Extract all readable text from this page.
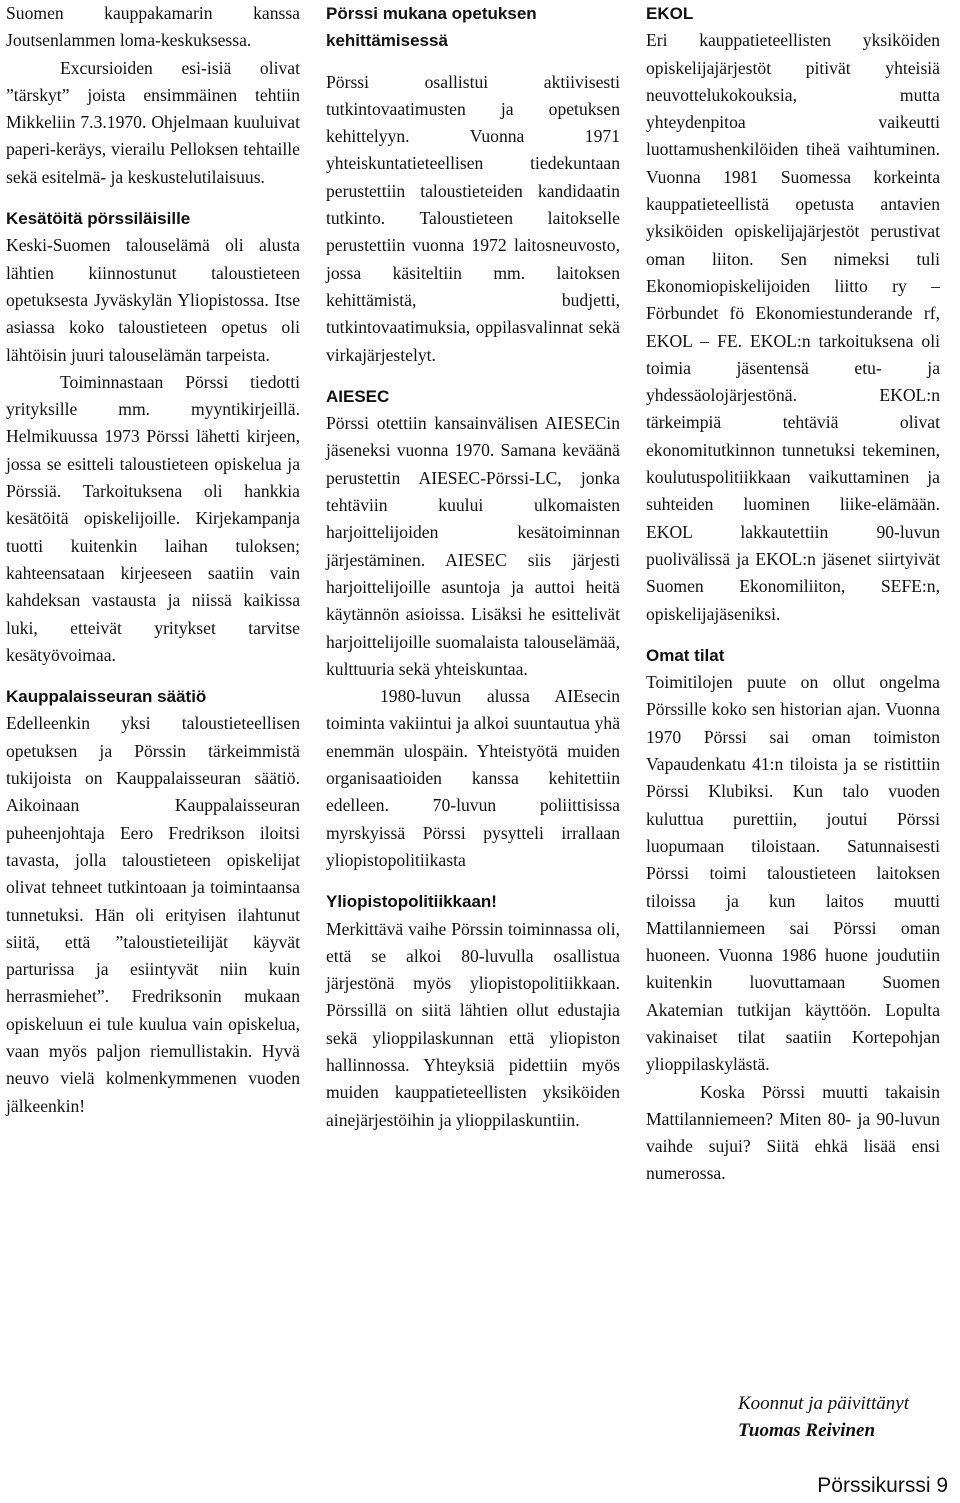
Suomen kauppakamarin kanssa Joutsenlammen loma-keskuksessa.

Excursioiden esi-isiä olivat ”tärskyt” joista ensimmäinen tehtiin Mikkeliin 7.3.1970. Ohjelmaan kuuluivat paperi-keräys, vierailu Pelloksen tehtaille sekä esitelmä- ja keskustelutilaisuus.

Kesätöitä pörssiläisille

Keski-Suomen talouselämä oli alusta lähtien kiinnostunut taloustieteen opetuksesta Jyväskylän Yliopistossa. Itse asiassa koko taloustieteen opetus oli lähtöisin juuri talouselämän tarpeista.

Toiminnastaan Pörssi tiedotti yrityksille mm. myyntikirjeillä. Helmikuussa 1973 Pörssi lähetti kirjeen, jossa se esitteli taloustieteen opiskelua ja Pörssiä. Tarkoituksena oli hankkia kesätöitä opiskelijoille. Kirjekampanja tuotti kuitenkin laihan tuloksen; kahteensataan kirjeeseen saatiin vain kahdeksan vastausta ja niissä kaikissa luki, etteivät yritykset tarvitse kesätyövoimaa.

Kauppalaisseuran säätiö

Edelleenkin yksi taloustieteellisen opetuksen ja Pörssin tärkeimmistä tukijoista on Kauppalaisseuran säätiö. Aikoinaan Kauppalaisseuran puheenjohtaja Eero Fredrikson iloitsi tavasta, jolla taloustieteen opiskelijat olivat tehneet tutkintoaan ja toimintaansa tunnetuksi. Hän oli erityisen ilahtunut siitä, että ”taloustieteilijät käyvät parturissa ja esiintyvät niin kuin herrasmiehet”. Fredriksonin mukaan opiskeluun ei tule kuulua vain opiskelua, vaan myös paljon riemullistakin. Hyvä neuvo vielä kolmenkymmenen vuoden jälkeenkin!

Pörssi mukana opetuksen kehittämisessä

Pörssi osallistui aktiivisesti tutkintovaatimusten ja opetuksen kehittelyyn. Vuonna 1971 yhteiskuntatieteellisen tiedekuntaan perustettiin taloustieteiden kandidaatin tutkinto. Taloustieteen laitokselle perustettiin vuonna 1972 laitosneuvosto, jossa käsiteltiin mm. laitoksen kehittämistä, budjetti, tutkintovaatimuksia, oppilasvalinnat sekä virkajärjestelyt.

AIESEC

Pörssi otettiin kansainvälisen AIESECin jäseneksi vuonna 1970. Samana keväänä perustettin AIESEC-Pörssi-LC, jonka tehtäviin kuului ulkomaisten harjoittelijoiden kesätoiminnan järjestäminen. AIESEC siis järjesti harjoittelijoille asuntoja ja auttoi heitä käytännön asioissa. Lisäksi he esittelivät harjoittelijoille suomalaista talouselämää, kulttuuria sekä yhteiskuntaa.

1980-luvun alussa AIEsecin toiminta vakiintui ja alkoi suuntautua yhä enemmän ulospäin. Yhteistyötä muiden organisaatioiden kanssa kehitettiin edelleen. 70-luvun poliittisissa myrskyissä Pörssi pysytteli irrallaan yliopistopolitiikasta

Yliopistopolitiikkaan!

Merkittävä vaihe Pörssin toiminnassa oli, että se alkoi 80-luvulla osallistua järjestönä myös yliopistopolitiikkaan. Pörssillä on siitä lähtien ollut edustajia sekä ylioppilaskunnan että yliopiston hallinnossa. Yhteyksiä pidettiin myös muiden kauppatieteellisten yksiköiden ainejärjestöihin ja ylioppilaskuntiin.

EKOL

Eri kauppatieteellisten yksiköiden opiskelijajärjestöt pitivät yhteisiä neuvottelukokouksia, mutta yhteydenpitoa vaikeutti luottamushenkilöiden tiheä vaihtuminen. Vuonna 1981 Suomessa korkeinta kauppatieteellistä opetusta antavien yksiköiden opiskelijajärjestöt perustivat oman liiton. Sen nimeksi tuli Ekonomiopiskelijoiden liitto ry – Förbundet fö Ekonomiestunderande rf, EKOL – FE. EKOL:n tarkoituksena oli toimia jäsentensä etu- ja yhdessäolojärjestönä. EKOL:n tärkeimpiä tehtäviä olivat ekonomitutkinnon tunnetuksi tekeminen, koulutuspolitiikkaan vaikuttaminen ja suhteiden luominen liike-elämään. EKOL lakkautettiin 90-luvun puolivälissä ja EKOL:n jäsenet siirtyivät Suomen Ekonomiliiton, SEFE:n, opiskelijajäseniksi.

Omat tilat

Toimitilojen puute on ollut ongelma Pörssille koko sen historian ajan. Vuonna 1970 Pörssi sai oman toimiston Vapaudenkatu 41:n tiloista ja se ristittiin Pörssi Klubiksi. Kun talo vuoden kuluttua purettiin, joutui Pörssi luopumaan tiloistaan. Satunnaisesti Pörssi toimi taloustieteen laitoksen tiloissa ja kun laitos muutti Mattilanniemeen sai Pörssi oman huoneen. Vuonna 1986 huone joudutiin kuitenkin luovuttamaan Suomen Akatemian tutkijan käyttöön. Lopulta vakinaiset tilat saatiin Kortepohjan ylioppilaskylästä.

Koska Pörssi muutti takaisin Mattilanniemeen? Miten 80- ja 90-luvun vaihde sujui? Siitä ehkä lisää ensi numerossa.

Koonnut ja päivittänyt
Tuomas Reivinen
Pörssikurssi 9
